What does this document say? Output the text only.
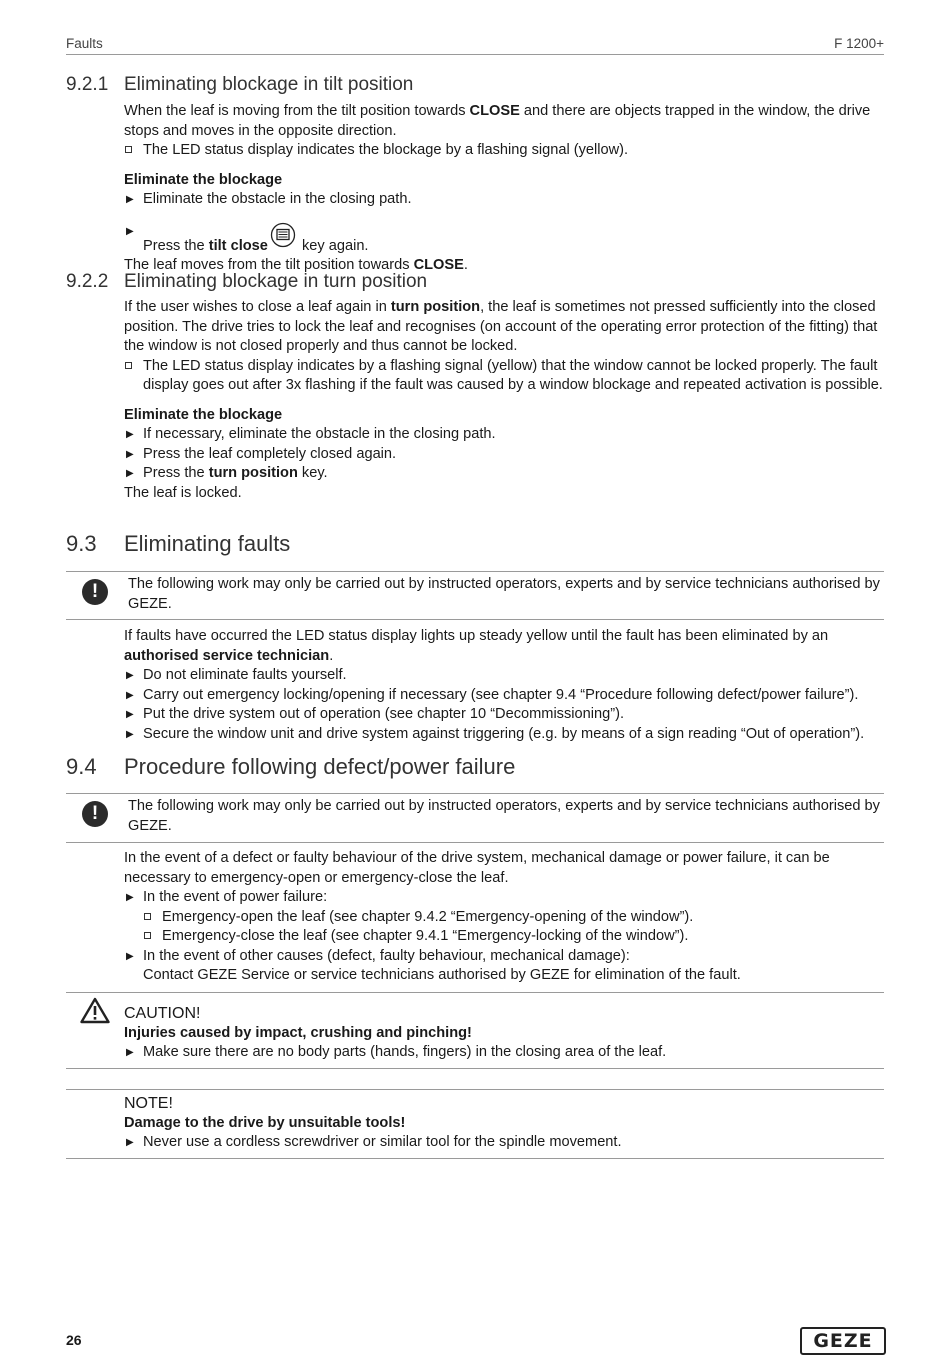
Faults	F 1200+
9.2.1 Eliminating blockage in tilt position

When the leaf is moving from the tilt position towards CLOSE and there are objects trapped in the window, the drive stops and moves in the opposite direction.

The LED status display indicates the blockage by a flashing signal (yellow).

Eliminate the blockage

▶ Eliminate the obstacle in the closing path.
▶
Press the tilt close key again.

The leaf moves from the tilt position towards CLOSE.

9.2.2 Eliminating blockage in turn position

If the user wishes to close a leaf again in turn position, the leaf is sometimes not pressed sufficiently into the closed position. The drive tries to lock the leaf and recognises (on account of the operating error protection of the fitting) that the window is not closed properly and thus cannot be locked.

The LED status display indicates by a flashing signal (yellow) that the window cannot be locked properly. The fault display goes out after 3x flashing if the fault was caused by a window blockage and repeated activation is possible.

Eliminate the blockage

▶ If necessary, eliminate the obstacle in the closing path.
▶ Press the leaf completely closed again.
▶ Press the turn position key.

The leaf is locked.

9.3 Eliminating faults
!	The following work may only be carried out by instructed operators, experts and by service technicians authorised by GEZE.

If faults have occurred the LED status display lights up steady yellow until the fault has been eliminated by an authorised service technician.

▶ Do not eliminate faults yourself.
▶ Carry out emergency locking/opening if necessary (see chapter 9.4 “Procedure following defect/power failure”).
▶ Put the drive system out of operation (see chapter 10 “Decommissioning”).
▶ Secure the window unit and drive system against triggering (e.g. by means of a sign reading “Out of operation”).
9.4 Procedure following defect/power failure
!	The following work may only be carried out by instructed operators, experts and by service technicians authorised by GEZE.

In the event of a defect or faulty behaviour of the drive system, mechanical damage or power failure, it can be necessary to emergency-open or emergency-close the leaf.

▶ In the event of power failure:
Emergency-open the leaf (see chapter 9.4.2 “Emergency-opening of the window”).
Emergency-close the leaf (see chapter 9.4.1 “Emergency-locking of the window”).
▶ In the event of other causes (defect, faulty behaviour, mechanical damage):
Contact GEZE Service or service technicians authorised by GEZE for elimination of the fault.

CAUTION!

Injuries caused by impact, crushing and pinching!

▶ Make sure there are no body parts (hands, fingers) in the closing area of the leaf.

NOTE!

Damage to the drive by unsuitable tools!

▶ Never use a cordless screwdriver or similar tool for the spindle movement.
26	GEZE
